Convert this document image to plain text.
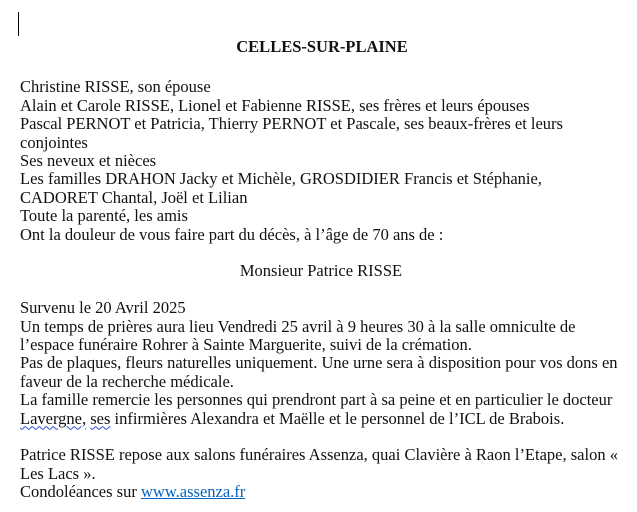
CELLES-SUR-PLAINE

Christine RISSE, son épouse

Alain et Carole RISSE, Lionel et Fabienne RISSE, ses frères et leurs épouses

Pascal PERNOT et Patricia, Thierry PERNOT et Pascale, ses beaux-frères et leurs conjointes

Ses neveux et nièces

Les familles DRAHON Jacky et Michèle, GROSDIDIER Francis et Stéphanie, CADORET Chantal, Joël et Lilian

Toute la parenté, les amis

Ont la douleur de vous faire part du décès, à l’âge de 70 ans de :

Monsieur Patrice RISSE

Survenu le 20 Avril 2025

Un temps de prières aura lieu Vendredi 25 avril à 9 heures 30 à la salle omniculte de l’espace funéraire Rohrer à Sainte Marguerite, suivi de la crémation.

Pas de plaques, fleurs naturelles uniquement. Une urne sera à disposition pour vos dons en faveur de la recherche médicale.

La famille remercie les personnes qui prendront part à sa peine et en particulier le docteur Lavergne, ses infirmières Alexandra et Maëlle et le personnel de l’ICL de Brabois.

Patrice RISSE repose aux salons funéraires Assenza, quai Clavière à Raon l’Etape, salon « Les Lacs ».

Condoléances sur www.assenza.fr
